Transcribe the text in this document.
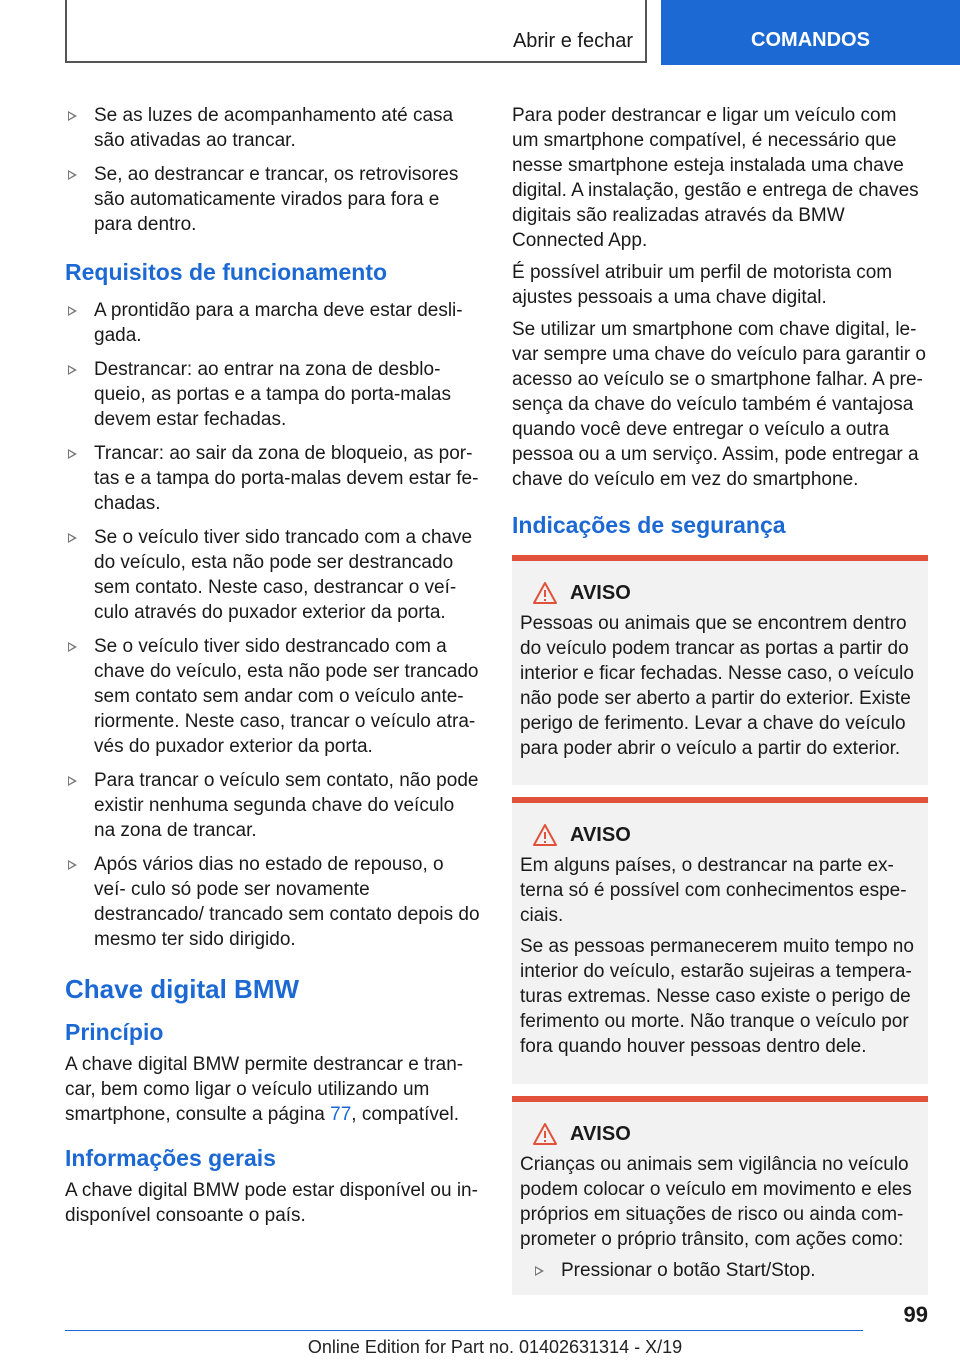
Abrir e fechar	COMANDOS
Se as luzes de acompanhamento até casa são ativadas ao trancar.
Se, ao destrancar e trancar, os retrovisores são automaticamente virados para fora e para dentro.
Requisitos de funcionamento
A prontidão para a marcha deve estar desli- gada.
Destrancar: ao entrar na zona de desblo- queio, as portas e a tampa do porta-malas devem estar fechadas.
Trancar: ao sair da zona de bloqueio, as por- tas e a tampa do porta-malas devem estar fe- chadas.
Se o veículo tiver sido trancado com a chave do veículo, esta não pode ser destrancado sem contato. Neste caso, destrancar o veí- culo através do puxador exterior da porta.
Se o veículo tiver sido destrancado com a chave do veículo, esta não pode ser trancado sem contato sem andar com o veículo ante- riormente. Neste caso, trancar o veículo atra- vés do puxador exterior da porta.
Para trancar o veículo sem contato, não pode existir nenhuma segunda chave do veículo na zona de trancar.
Após vários dias no estado de repouso, o veí- culo só pode ser novamente destrancado/ trancado sem contato depois do mesmo ter sido dirigido.
Chave digital BMW
Princípio

A chave digital BMW permite destrancar e tran- car, bem como ligar o veículo utilizando um smartphone, consulte a página 77, compatível.

Informações gerais

A chave digital BMW pode estar disponível ou in- disponível consoante o país.

Para poder destrancar e ligar um veículo com um smartphone compatível, é necessário que nesse smartphone esteja instalada uma chave digital. A instalação, gestão e entrega de chaves digitais são realizadas através da BMW Connected App.

É possível atribuir um perfil de motorista com ajustes pessoais a uma chave digital.

Se utilizar um smartphone com chave digital, le- var sempre uma chave do veículo para garantir o acesso ao veículo se o smartphone falhar. A pre- sença da chave do veículo também é vantajosa quando você deve entregar o veículo a outra pessoa ou a um serviço. Assim, pode entregar a chave do veículo em vez do smartphone.

Indicações de segurança
AVISO

Pessoas ou animais que se encontrem dentro do veículo podem trancar as portas a partir do interior e ficar fechadas. Nesse caso, o veículo não pode ser aberto a partir do exterior. Existe perigo de ferimento. Levar a chave do veículo para poder abrir o veículo a partir do exterior.

AVISO

Em alguns países, o destrancar na parte ex- terna só é possível com conhecimentos espe- ciais.

Se as pessoas permanecerem muito tempo no interior do veículo, estarão sujeiras a tempera- turas extremas. Nesse caso existe o perigo de ferimento ou morte. Não tranque o veículo por fora quando houver pessoas dentro dele.

AVISO

Crianças ou animais sem vigilância no veículo podem colocar o veículo em movimento e eles próprios em situações de risco ou ainda com- prometer o próprio trânsito, com ações como:

Pressionar o botão Start/Stop.
99
Online Edition for Part no. 01402631314 - X/19
